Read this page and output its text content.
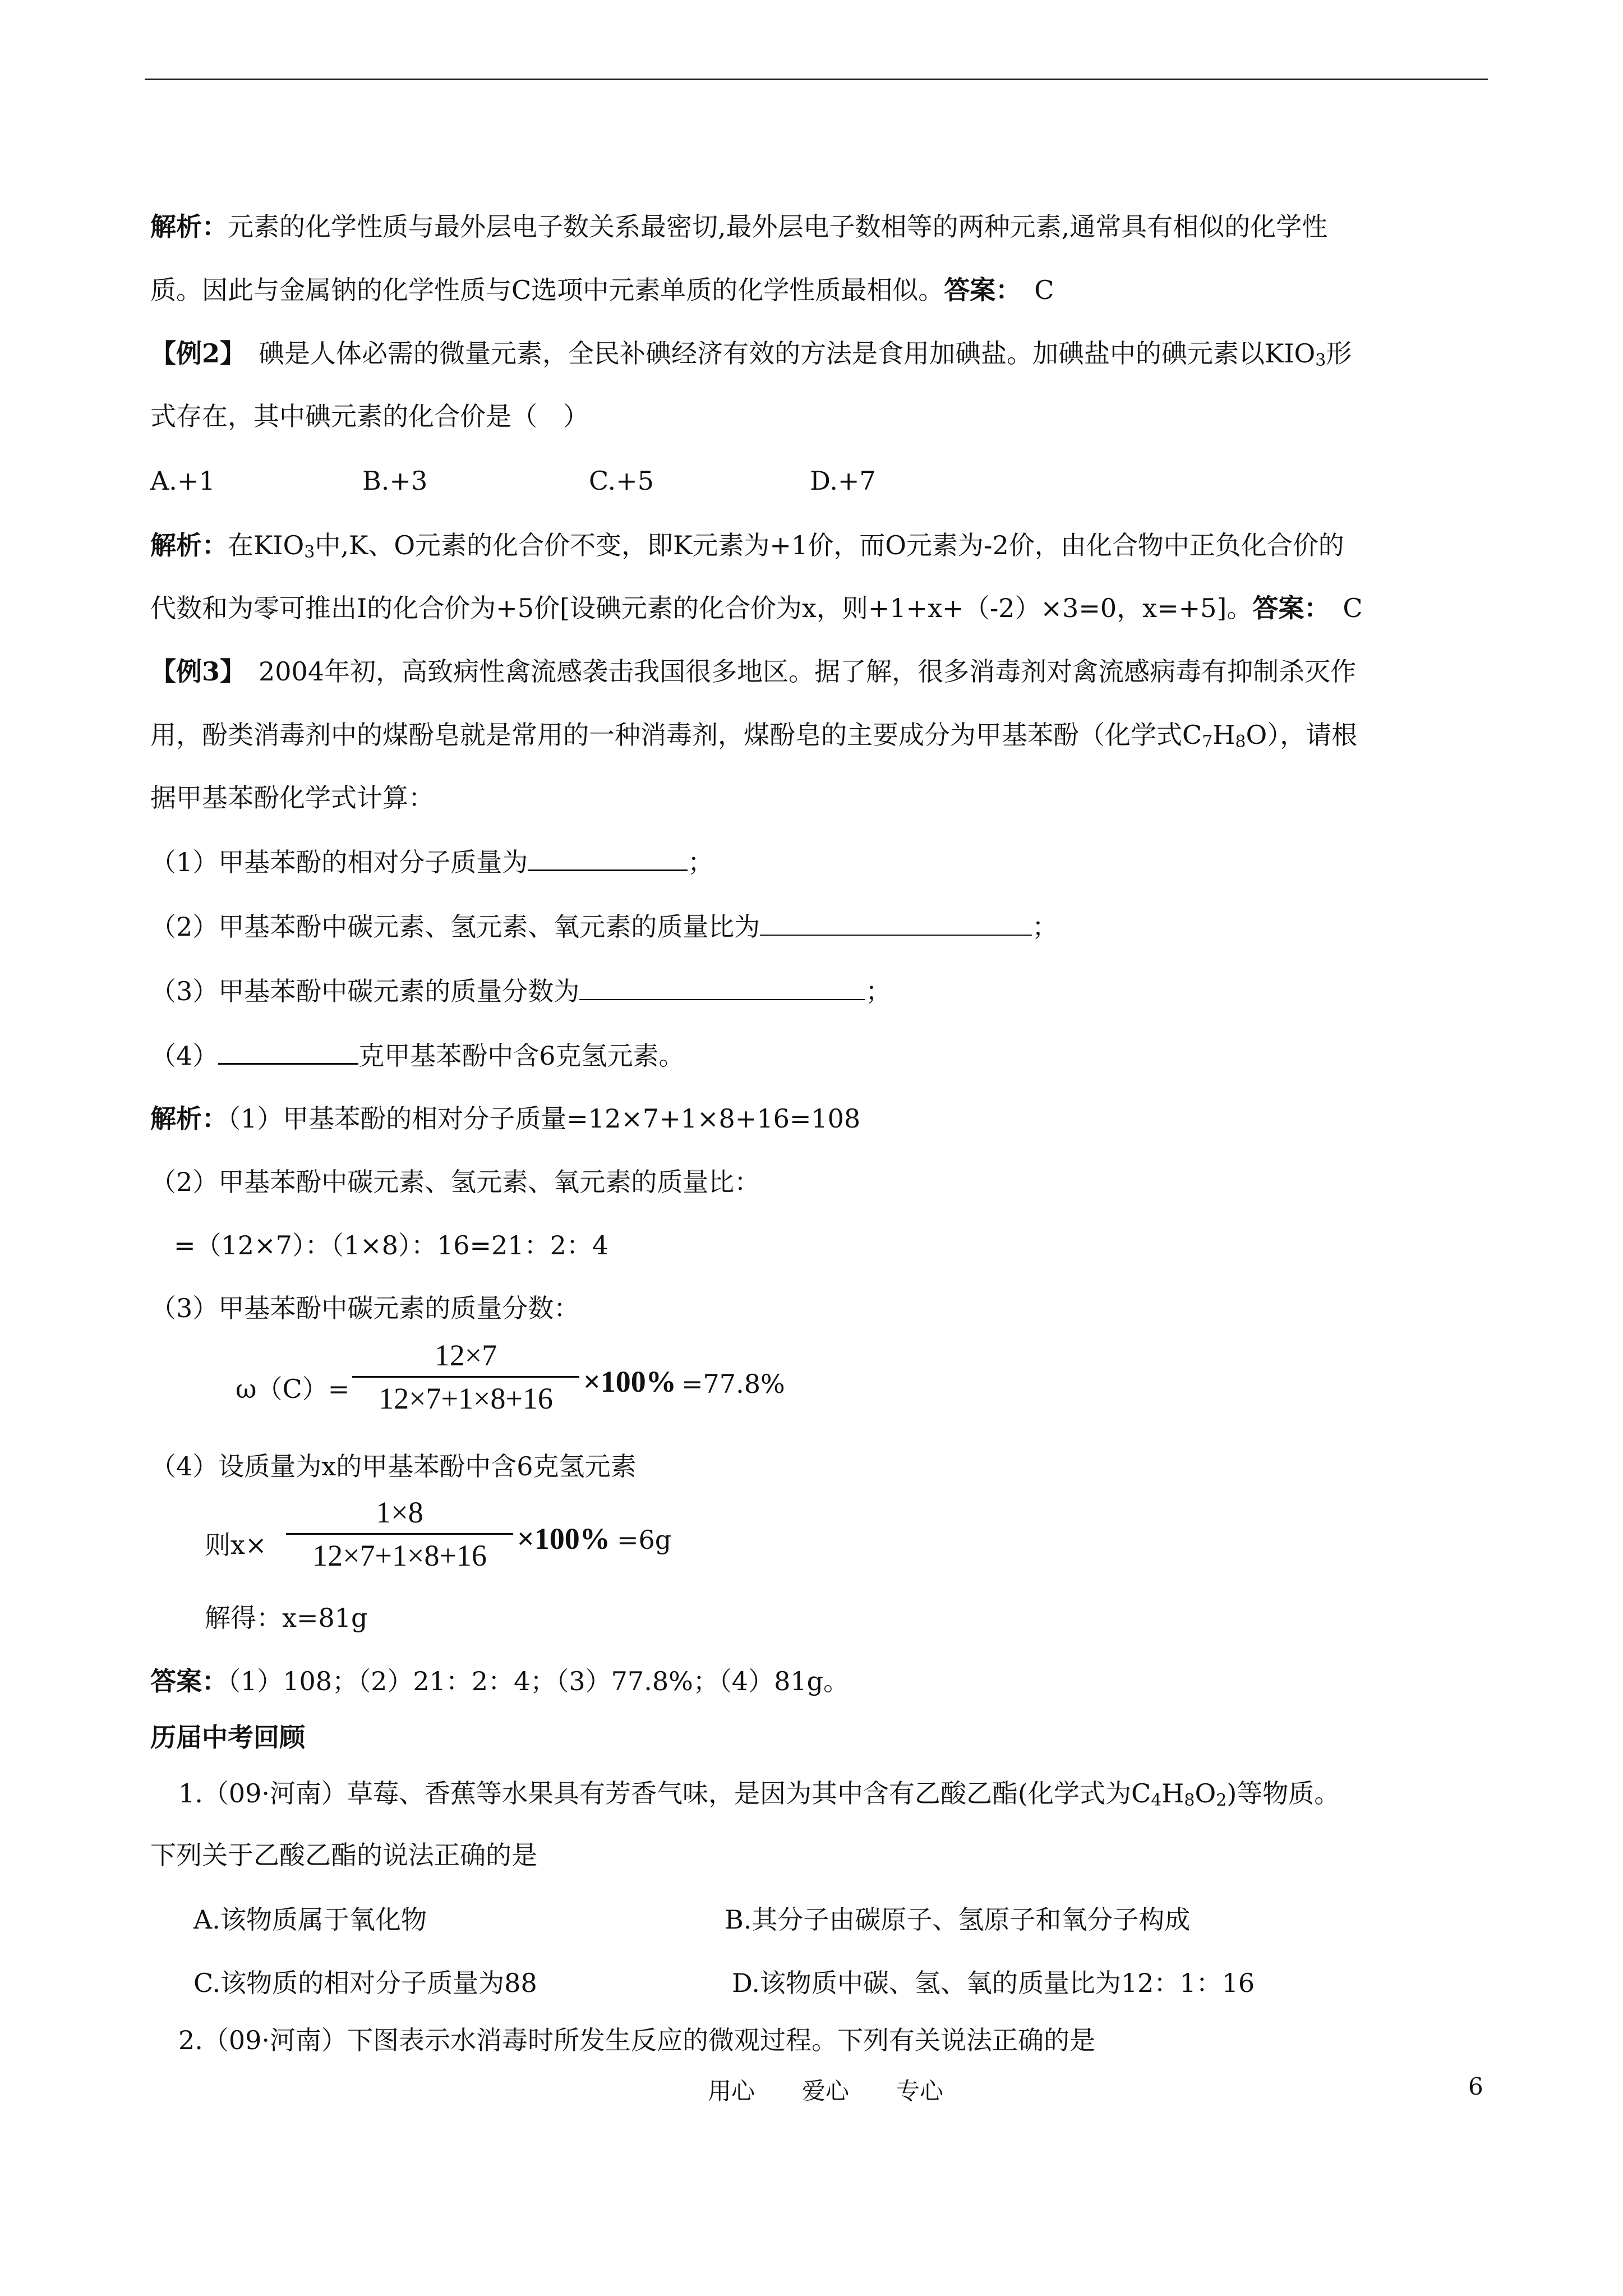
解析：元素的化学性质与最外层电子数关系最密切,最外层电子数相等的两种元素,通常具有相似的化学性
质。因此与金属钠的化学性质与C选项中元素单质的化学性质最相似。答案：　 C
【例2】　 碘是人体必需的微量元素，全民补碘经济有效的方法是食用加碘盐。加碘盐中的碘元素以$KIO_3$形
式存在，其中碘元素的化合价是（　）
A.+1	B.+3	C.+5	D.+7
解析：在$KIO_3$中,K、O元素的化合价不变，即K元素为+1价，而O元素为-2价，由化合物中正负化合价的
代数和为零可推出I的化合价为+5价[设碘元素的化合价为x，则+1+x+（-2）×3=0，x=+5]。答案：　 C
【例3】　 2004年初，高致病性禽流感袭击我国很多地区。据了解，很多消毒剂对禽流感病毒有抑制杀灭作
用，酚类消毒剂中的煤酚皂就是常用的一种消毒剂，煤酚皂的主要成分为甲基苯酚（化学式$C_7H_8O$），请根
据甲基苯酚化学式计算：
（1）甲基苯酚的相对分子质量为	；
（2）甲基苯酚中碳元素、氢元素、氧元素的质量比为	；
（3）甲基苯酚中碳元素的质量分数为	；
（4）	克甲基苯酚中含6克氢元素。
解析：（1）甲基苯酚的相对分子质量=12×7+1×8+16=108
（2）甲基苯酚中碳元素、氢元素、氧元素的质量比：
=（12×7）：（1×8）：16=21：2：4
（3）甲基苯酚中碳元素的质量分数：
ω（C）=
12×7
12×7+1×8+16 ×100% =77.8%
（4）设质量为x的甲基苯酚中含6克氢元素
则x×
1×8
12×7+1×8+16 ×100% =6g
解得：x=81g
答案：（1）108；（2）21：2：4；（3）77.8%；（4）81g。
历届中考回顾
1.（09·河南）草莓、香蕉等水果具有芳香气味，是因为其中含有乙酸乙酯(化学式为$C_4H_8O_2$)等物质。
下列关于乙酸乙酯的说法正确的是
A.该物质属于氧化物	B.其分子由碳原子、氢原子和氧分子构成
C.该物质的相对分子质量为88	D.该物质中碳、氢、氧的质量比为12：1：16
2.（09·河南）下图表示水消毒时所发生反应的微观过程。下列有关说法正确的是
用心　　爱心　　专心	6
